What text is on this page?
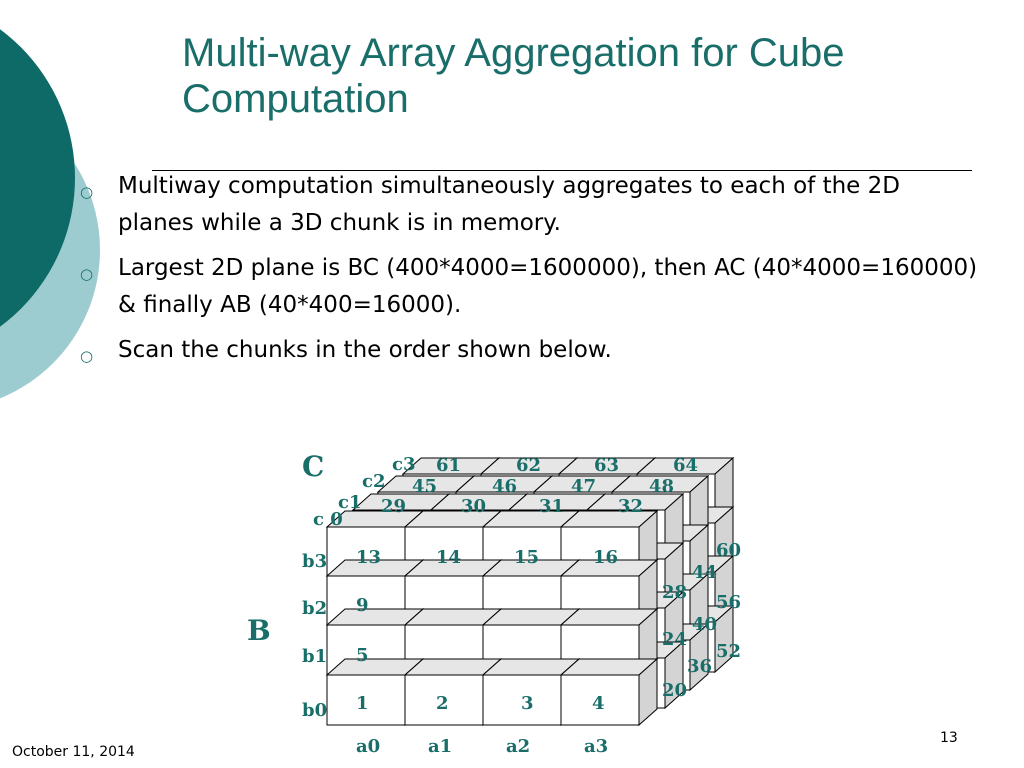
Multi-way Array Aggregation for Cube Computation
○ Multiway computation simultaneously aggregates to each of the 2D planes while a 3D chunk is in memory.
○ Largest 2D plane is BC (400*4000=1600000), then AC (40*4000=160000) & finally AB (40*400=16000).
○ Scan the chunks in the order shown below.
C
B
c 0
c1
c2
c3
b0
b1
b2
b3
a0	a1	a2	a3
61	62	63	64
45	46	47	48
29	30	31	32
20
24
28
36
40
44
52
56
60
1	2	3	4
5
9
13	14	15	16
October 11, 2014
13
